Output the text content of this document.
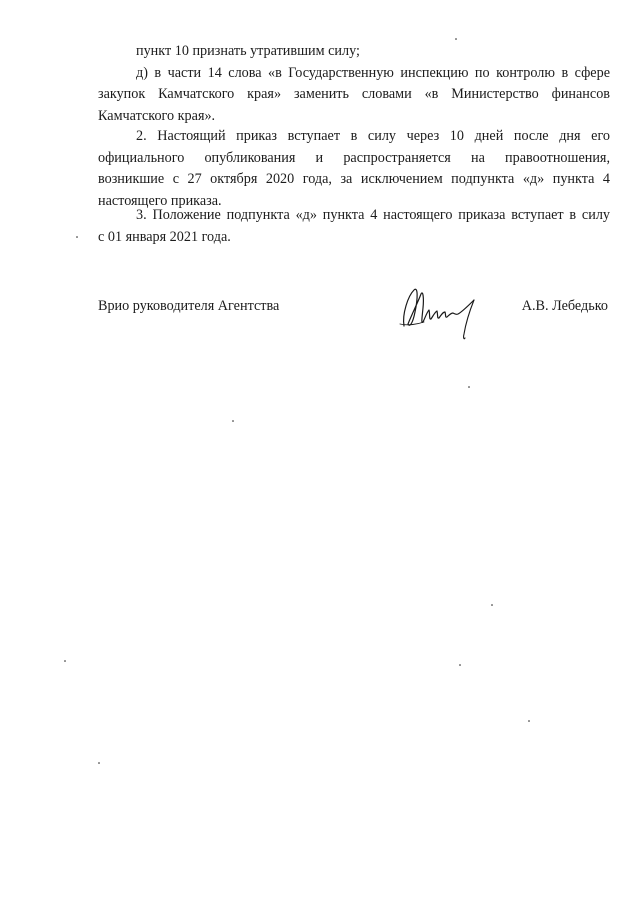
пункт 10 признать утратившим силу;
д) в части 14 слова «в Государственную инспекцию по контролю в сфере
закупок Камчатского края» заменить словами «в Министерство финансов
Камчатского края».
2. Настоящий приказ вступает в силу через 10 дней после дня его
официального опубликования и распространяется на правоотношения,
возникшие с 27 октября 2020 года, за исключением подпункта «д» пункта 4
настоящего приказа.
3. Положение подпункта «д» пункта 4 настоящего приказа вступает в силу
с 01 января 2021 года.
Врио руководителя Агентства	А.В. Лебедько
